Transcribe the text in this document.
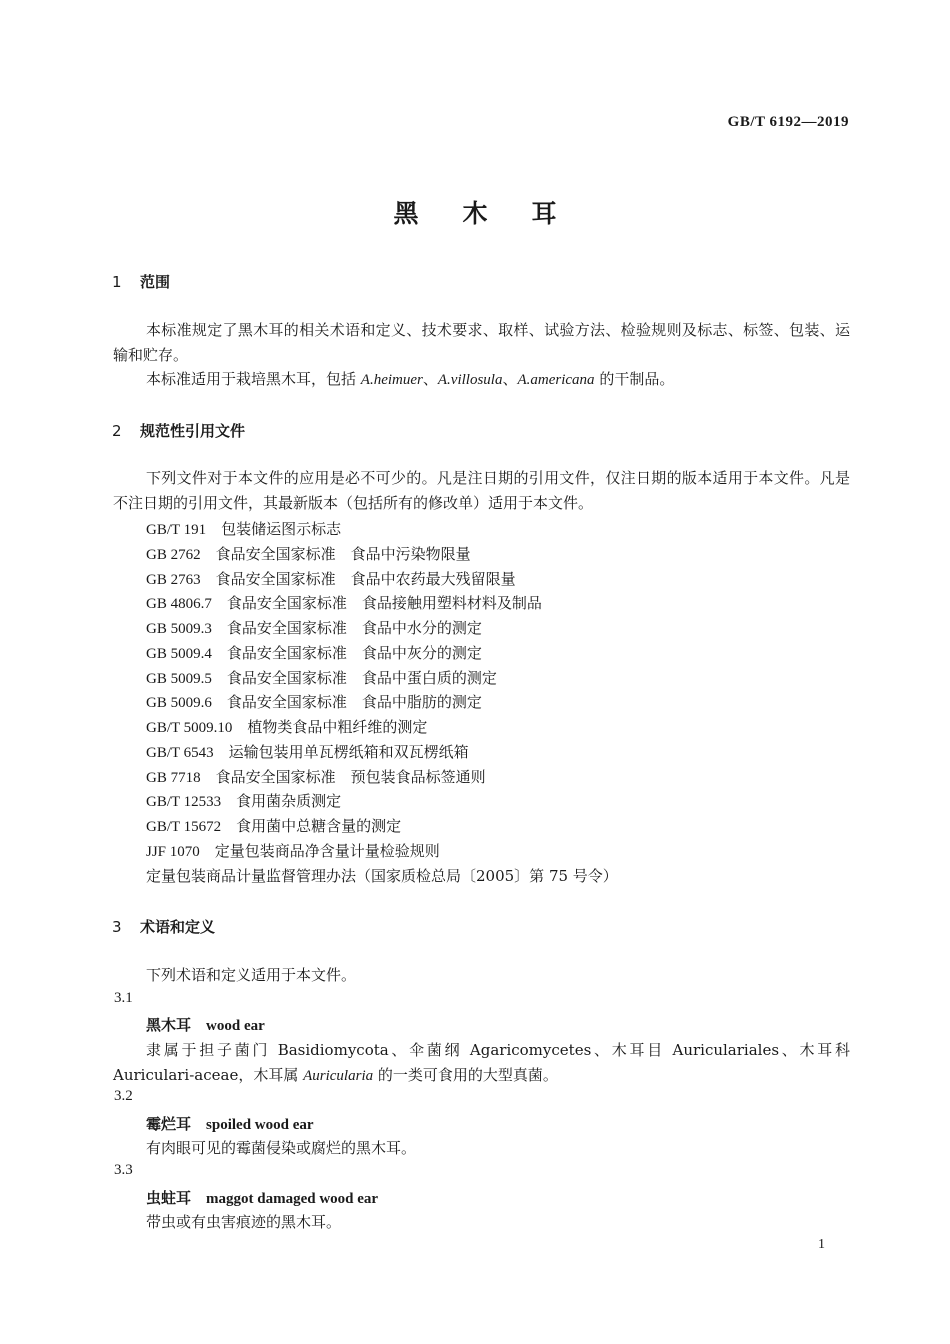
GB/T 6192—2019
黑木耳
1 范围
本标准规定了黑木耳的相关术语和定义、技术要求、取样、试验方法、检验规则及标志、标签、包装、运输和贮存。
本标准适用于栽培黑木耳，包括 A.heimuer、A.villosula、A.americana 的干制品。
2 规范性引用文件
下列文件对于本文件的应用是必不可少的。凡是注日期的引用文件，仅注日期的版本适用于本文件。凡是不注日期的引用文件，其最新版本（包括所有的修改单）适用于本文件。
GB/T 191 包装储运图示标志
GB 2762 食品安全国家标准　食品中污染物限量
GB 2763 食品安全国家标准　食品中农药最大残留限量
GB 4806.7 食品安全国家标准　食品接触用塑料材料及制品
GB 5009.3 食品安全国家标准　食品中水分的测定
GB 5009.4 食品安全国家标准　食品中灰分的测定
GB 5009.5 食品安全国家标准　食品中蛋白质的测定
GB 5009.6 食品安全国家标准　食品中脂肪的测定
GB/T 5009.10 植物类食品中粗纤维的测定
GB/T 6543 运输包装用单瓦楞纸箱和双瓦楞纸箱
GB 7718 食品安全国家标准　预包装食品标签通则
GB/T 12533 食用菌杂质测定
GB/T 15672 食用菌中总糖含量的测定
JJF 1070 定量包装商品净含量计量检验规则
定量包装商品计量监督管理办法（国家质检总局〔2005〕第 75 号令）
3 术语和定义
下列术语和定义适用于本文件。
3.1
黑木耳 wood ear
隶属于担子菌门 Basidiomycota、伞菌纲 Agaricomycetes、木耳目 Auriculariales、木耳科 Auriculari-aceae，木耳属 Auricularia 的一类可食用的大型真菌。
3.2
霉烂耳 spoiled wood ear
有肉眼可见的霉菌侵染或腐烂的黑木耳。
3.3
虫蛀耳 maggot damaged wood ear
带虫或有虫害痕迹的黑木耳。
1
